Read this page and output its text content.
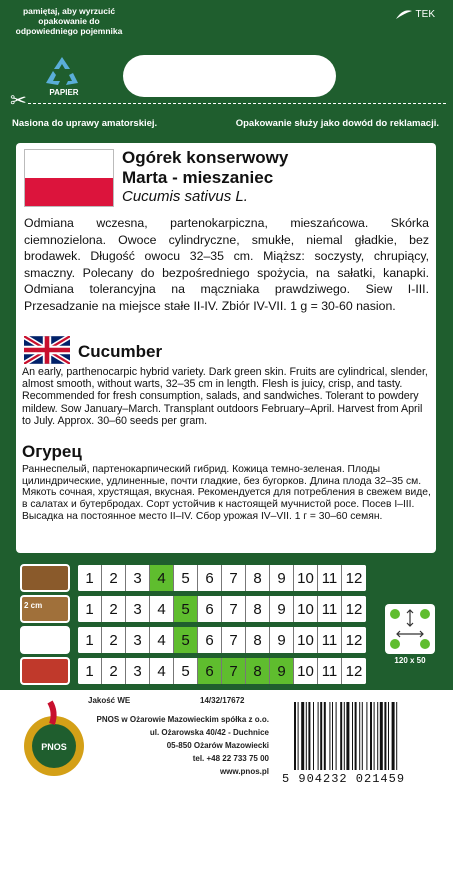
pamiętaj, aby wyrzucić opakowanie do odpowiedniego pojemnika
PAPIER
TEK
✂
Nasiona do uprawy amatorskiej.	Opakowanie służy jako dowód do reklamacji.
Ogórek konserwowy
Marta - mieszaniec
Cucumis sativus L.
Odmiana wczesna, partenokarpiczna, mieszańcowa. Skórka ciemnozielona. Owoce cylindryczne, smukłe, niemal gładkie, bez brodawek. Długość owocu 32–35 cm. Miąższ: soczysty, chrupiący, smaczny. Polecany do bezpośredniego spożycia, na sałatki, kanapki. Odmiana tolerancyjna na mączniaka prawdziwego. Siew I-III. Przesadzanie na miejsce stałe II-IV. Zbiór IV-VII. 1 g = 30-60 nasion.
Cucumber
An early, parthenocarpic hybrid variety. Dark green skin. Fruits are cylindrical, slender, almost smooth, without warts, 32–35 cm in length. Flesh is juicy, crisp, and tasty. Recommended for fresh consumption, salads, and sandwiches. Tolerant to powdery mildew. Sow January–March. Transplant outdoors February–April. Harvest from April to July. Approx. 30–60 seeds per gram.
Огурец
Раннеспелый, партенокарпический гибрид. Кожица темно-зеленая. Плоды цилиндрические, удлиненные, почти гладкие, без бугорков. Длина плода 32–35 см. Мякоть сочная, хрустящая, вкусная. Рекомендуется для потребления в свежем виде, в салатах и бутербродах. Сорт устойчив к настоящей мучнистой росе. Посев I–III. Высадка на постоянное место II–IV. Сбор урожая IV–VII. 1 г = 30–60 семян.
1	2	3	4	5	6	7	8	9 10 11 12
2 cm	1	2	3	4	5	6	7	8	9 10 11 12
1	2	3	4	5	6	7	8	9 10 11 12
1	2	3	4	5	6	7	8	9 10 11 12
120 x 50
PNOS
Jakość WE	14/32/17672
PNOS w Ożarowie Mazowieckim spółka z o.o.
ul. Ożarowska 40/42 - Duchnice
05-850 Ożarów Mazowiecki
tel. +48 22 733 75 00
www.pnos.pl
5 904232 021459
